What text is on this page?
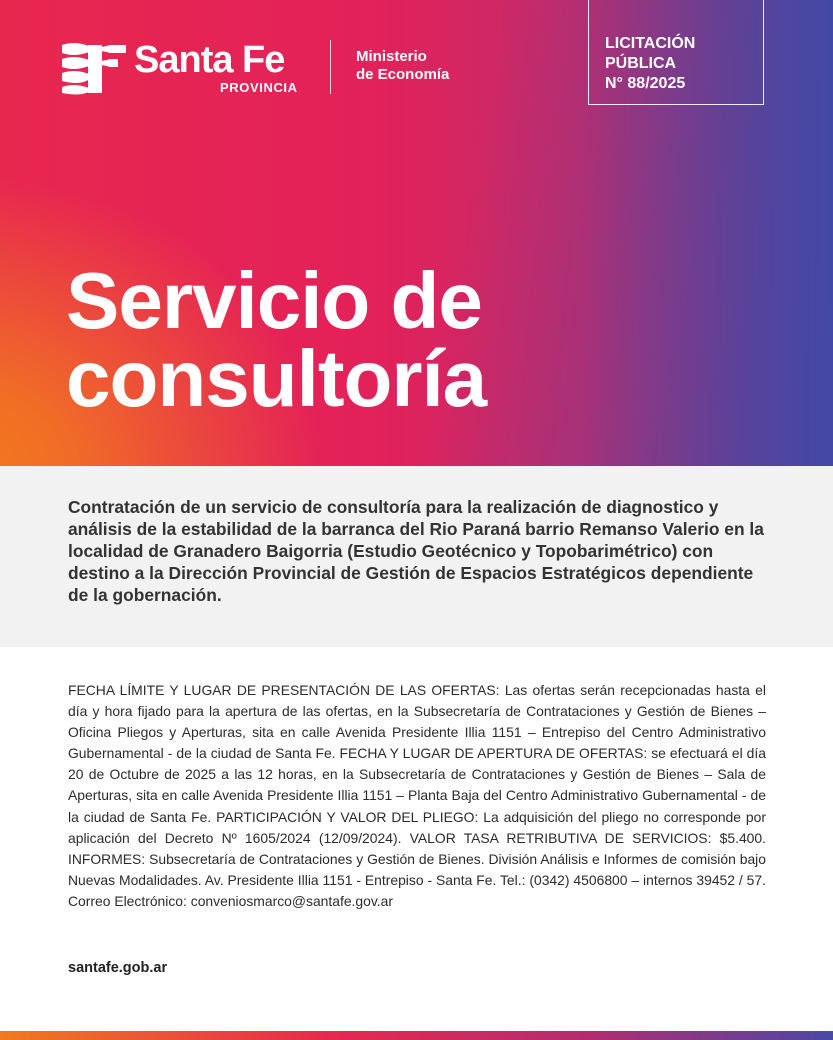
Santa Fe
PROVINCIA
Ministerio
de Economía
LICITACIÓN
PÚBLICA
N° 88/2025
Servicio de
consultoría

Contratación de un servicio de consultoría para la realización de diagnostico y análisis de la estabilidad de la barranca del Rio Paraná barrio Remanso Valerio en la localidad de Granadero Baigorria (Estudio Geotécnico y Topobarimétrico) con destino a la Dirección Provincial de Gestión de Espacios Estratégicos dependiente de la gobernación.

FECHA LÍMITE Y LUGAR DE PRESENTACIÓN DE LAS OFERTAS: Las ofertas serán recepcionadas hasta el día y hora fijado para la apertura de las ofertas, en la Subsecretaría de Contrataciones y Gestión de Bienes – Oficina Pliegos y Aperturas, sita en calle Avenida Presidente Illia 1151 – Entrepiso del Centro Administrativo Gubernamental - de la ciudad de Santa Fe. FECHA Y LUGAR DE APERTURA DE OFERTAS: se efectuará el día 20 de Octubre de 2025 a las 12 horas, en la Subsecretaría de Contrataciones y Gestión de Bienes – Sala de Aperturas, sita en calle Avenida Presidente Illia 1151 – Planta Baja del Centro Administrativo Gubernamental - de la ciudad de Santa Fe. PARTICIPACIÓN Y VALOR DEL PLIEGO: La adquisición del pliego no corresponde por aplicación del Decreto Nº 1605/2024 (12/09/2024). VALOR TASA RETRIBUTIVA DE SERVICIOS: $5.400. INFORMES: Subsecretaría de Contrataciones y Gestión de Bienes. División Análisis e Informes de comisión bajo Nuevas Modalidades. Av. Presidente Illia 1151 - Entrepiso - Santa Fe. Tel.: (0342) 4506800 – internos 39452 / 57. Correo Electrónico: conveniosmarco@santafe.gov.ar

santafe.gob.ar
